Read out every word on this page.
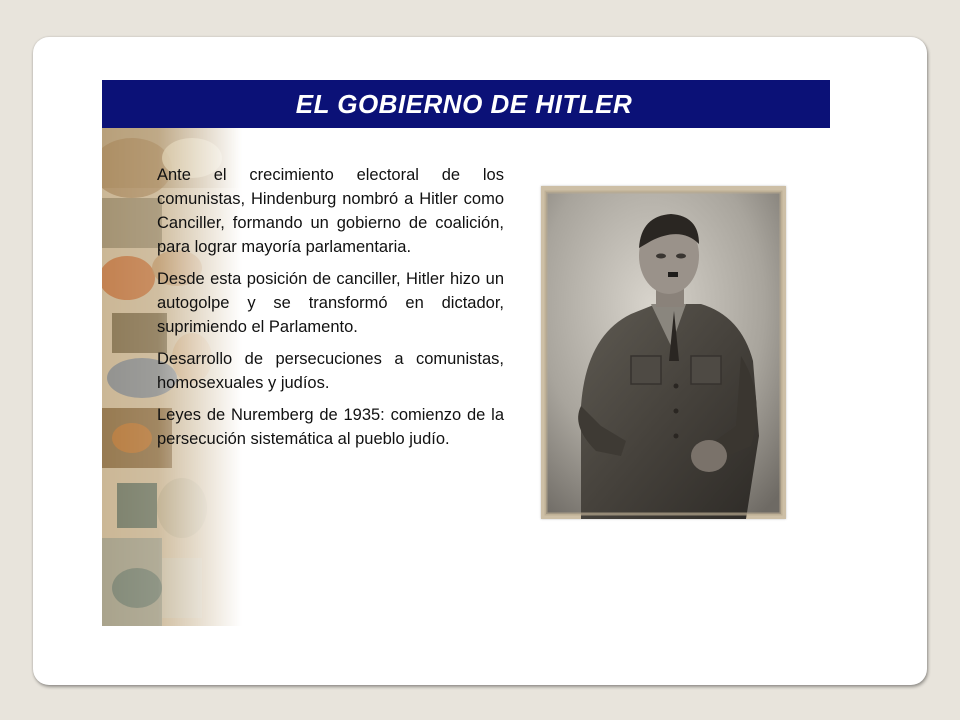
EL GOBIERNO DE HITLER

Ante el crecimiento electoral de los comunistas, Hindenburg nombró a Hitler como Canciller, formando un gobierno de coalición, para lograr mayoría parlamentaria.

Desde esta posición de canciller, Hitler hizo un autogolpe y se transformó en dictador, suprimiendo el Parlamento.

Desarrollo de persecuciones a comunistas, homosexuales y judíos.

Leyes de Nuremberg de 1935: comienzo de la persecución sistemática al pueblo judío.
